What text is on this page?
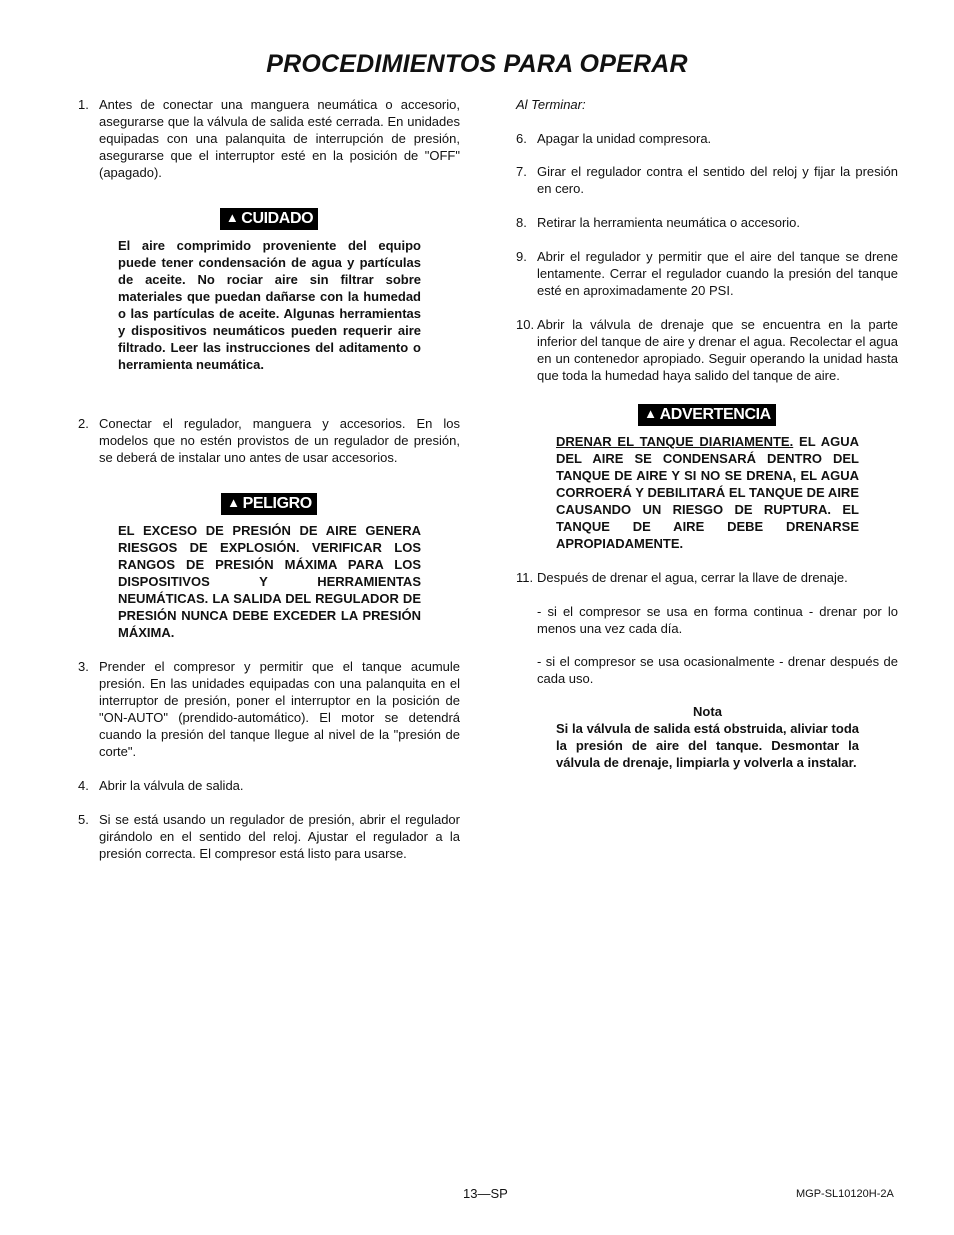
PROCEDIMIENTOS PARA OPERAR
1. Antes de conectar una manguera neumática o accesorio, asegurarse que la válvula de salida esté cerrada. En unidades equipadas con una palanquita de interrupción de presión, asegurarse que el interruptor esté en la posición de "OFF" (apagado).
▲ CUIDADO
El aire comprimido proveniente del equipo puede tener condensación de agua y partículas de aceite. No rociar aire sin filtrar sobre materiales que puedan dañarse con la humedad o las partículas de aceite. Algunas herramientas y dispositivos neumáticos pueden requerir aire filtrado. Leer las instrucciones del aditamento o herramienta neumática.
2. Conectar el regulador, manguera y accesorios. En los modelos que no estén provistos de un regulador de presión, se deberá de instalar uno antes de usar accesorios.
▲ PELIGRO
EL EXCESO DE PRESIÓN DE AIRE GENERA RIESGOS DE EXPLOSIÓN. VERIFICAR LOS RANGOS DE PRESIÓN MÁXIMA PARA LOS DISPOSITIVOS Y HERRAMIENTAS NEUMÁTICAS. LA SALIDA DEL REGULADOR DE PRESIÓN NUNCA DEBE EXCEDER LA PRESIÓN MÁXIMA.
3. Prender el compresor y permitir que el tanque acumule presión. En las unidades equipadas con una palanquita en el interruptor de presión, poner el interruptor en la posición de "ON-AUTO" (prendido-automático). El motor se detendrá cuando la presión del tanque llegue al nivel de la "presión de corte".
4. Abrir la válvula de salida.
5. Si se está usando un regulador de presión, abrir el regulador girándolo en el sentido del reloj. Ajustar el regulador a la presión correcta. El compresor está listo para usarse.
Al Terminar:
6. Apagar la unidad compresora.
7. Girar el regulador contra el sentido del reloj y fijar la presión en cero.
8. Retirar la herramienta neumática o accesorio.
9. Abrir el regulador y permitir que el aire del tanque se drene lentamente. Cerrar el regulador cuando la presión del tanque esté en aproximadamente 20 PSI.
10. Abrir la válvula de drenaje que se encuentra en la parte inferior del tanque de aire y drenar el agua. Recolectar el agua en un contenedor apropiado. Seguir operando la unidad hasta que toda la humedad haya salido del tanque de aire.
▲ ADVERTENCIA
DRENAR EL TANQUE DIARIAMENTE. EL AGUA DEL AIRE SE CONDENSARÁ DENTRO DEL TANQUE DE AIRE Y SI NO SE DRENA, EL AGUA CORROERÁ Y DEBILITARÁ EL TANQUE DE AIRE CAUSANDO UN RIESGO DE RUPTURA. EL TANQUE DE AIRE DEBE DRENARSE APROPIADAMENTE.
11. Después de drenar el agua, cerrar la llave de drenaje.
- si el compresor se usa en forma continua - drenar por lo menos una vez cada día.
- si el compresor se usa ocasionalmente - drenar después de cada uso.
Nota
Si la válvula de salida está obstruida, aliviar toda la presión de aire del tanque. Desmontar la válvula de drenaje, limpiarla y volverla a instalar.
13—SP	MGP-SL10120H-2A
